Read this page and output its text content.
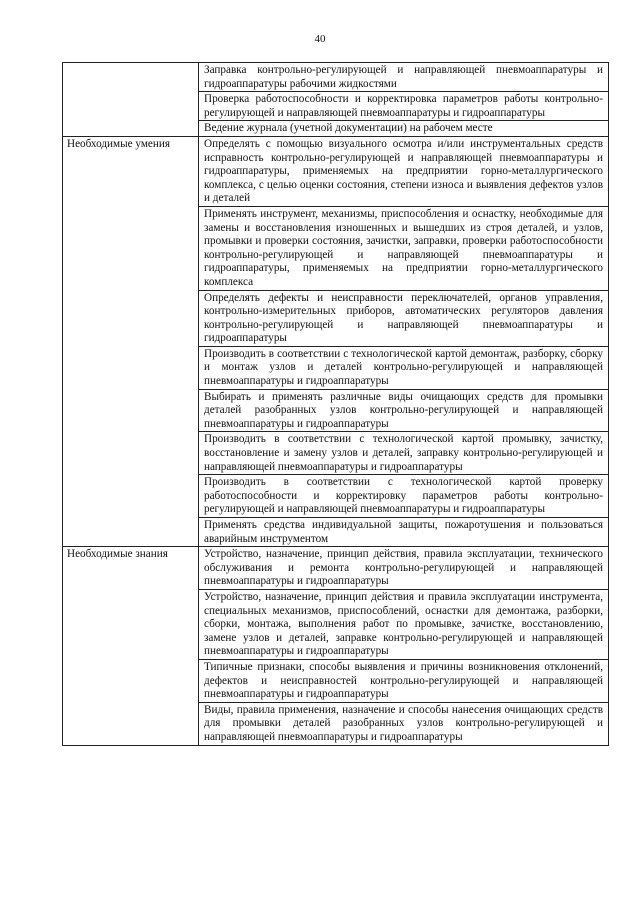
40
	Заправка контрольно-регулирующей и направляющей пневмоаппаратуры и гидроаппаратуры рабочими жидкостями
	Проверка работоспособности и корректировка параметров работы контрольно-регулирующей и направляющей пневмоаппаратуры и гидроаппаратуры
	Ведение журнала (учетной документации) на рабочем месте
Необходимые умения	Определять с помощью визуального осмотра и/или инструментальных средств исправность контрольно-регулирующей и направляющей пневмоаппаратуры и гидроаппаратуры, применяемых на предприятии горно-металлургического комплекса, с целью оценки состояния, степени износа и выявления дефектов узлов и деталей
	Применять инструмент, механизмы, приспособления и оснастку, необходимые для замены и восстановления изношенных и вышедших из строя деталей, и узлов, промывки и проверки состояния, зачистки, заправки, проверки работоспособности контрольно-регулирующей и направляющей пневмоаппаратуры и гидроаппаратуры, применяемых на предприятии горно-металлургического комплекса
	Определять дефекты и неисправности переключателей, органов управления, контрольно-измерительных приборов, автоматических регуляторов давления контрольно-регулирующей и направляющей пневмоаппаратуры и гидроаппаратуры
	Производить в соответствии с технологической картой демонтаж, разборку, сборку и монтаж узлов и деталей контрольно-регулирующей и направляющей пневмоаппаратуры и гидроаппаратуры
	Выбирать и применять различные виды очищающих средств для промывки деталей разобранных узлов контрольно-регулирующей и направляющей пневмоаппаратуры и гидроаппаратуры
	Производить в соответствии с технологической картой промывку, зачистку, восстановление и замену узлов и деталей, заправку контрольно-регулирующей и направляющей пневмоаппаратуры и гидроаппаратуры
	Производить в соответствии с технологической картой проверку работоспособности и корректировку параметров работы контрольно-регулирующей и направляющей пневмоаппаратуры и гидроаппаратуры
	Применять средства индивидуальной защиты, пожаротушения и пользоваться аварийным инструментом
Необходимые знания	Устройство, назначение, принцип действия, правила эксплуатации, технического обслуживания и ремонта контрольно-регулирующей и направляющей пневмоаппаратуры и гидроаппаратуры
	Устройство, назначение, принцип действия и правила эксплуатации инструмента, специальных механизмов, приспособлений, оснастки для демонтажа, разборки, сборки, монтажа, выполнения работ по промывке, зачистке, восстановлению, замене узлов и деталей, заправке контрольно-регулирующей и направляющей пневмоаппаратуры и гидроаппаратуры
	Типичные признаки, способы выявления и причины возникновения отклонений, дефектов и неисправностей контрольно-регулирующей и направляющей пневмоаппаратуры и гидроаппаратуры
	Виды, правила применения, назначение и способы нанесения очищающих средств для промывки деталей разобранных узлов контрольно-регулирующей и направляющей пневмоаппаратуры и гидроаппаратуры
